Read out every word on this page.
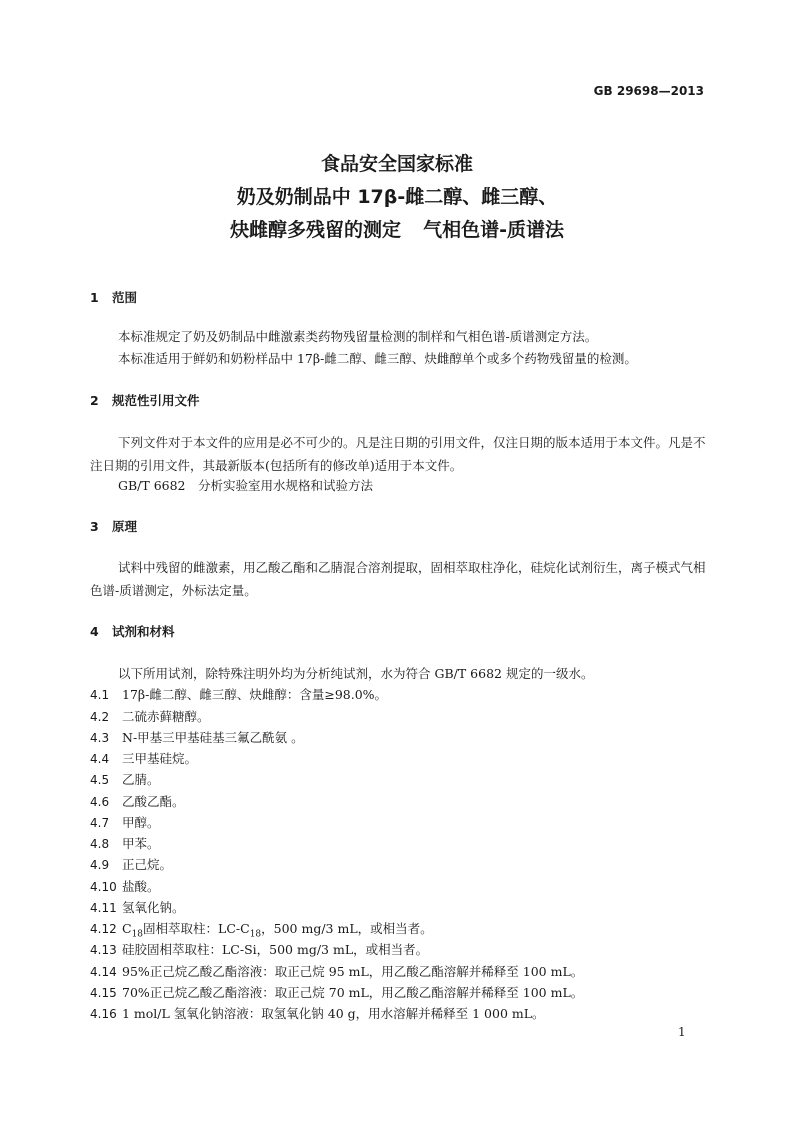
GB 29698—2013

食品安全国家标准

奶及奶制品中 17β-雌二醇、雌三醇、

炔雌醇多残留的测定 气相色谱-质谱法

1 范围

本标准规定了奶及奶制品中雌激素类药物残留量检测的制样和气相色谱-质谱测定方法。

本标准适用于鲜奶和奶粉样品中 17β-雌二醇、雌三醇、炔雌醇单个或多个药物残留量的检测。

2 规范性引用文件

下列文件对于本文件的应用是必不可少的。凡是注日期的引用文件，仅注日期的版本适用于本文件。凡是不注日期的引用文件，其最新版本(包括所有的修改单)适用于本文件。

GB/T 6682　分析实验室用水规格和试验方法

3 原理

试料中残留的雌激素，用乙酸乙酯和乙腈混合溶剂提取，固相萃取柱净化，硅烷化试剂衍生，离子模式气相色谱-质谱测定，外标法定量。

4 试剂和材料

以下所用试剂，除特殊注明外均为分析纯试剂，水为符合 GB/T 6682 规定的一级水。

4.1 17β-雌二醇、雌三醇、炔雌醇：含量≥98.0%。

4.2 二硫赤藓糖醇。

4.3 N-甲基三甲基硅基三氟乙酰氨 。

4.4 三甲基硅烷。

4.5 乙腈。

4.6 乙酸乙酯。

4.7 甲醇。

4.8 甲苯。

4.9 正己烷。

4.10 盐酸。

4.11 氢氧化钠。

4.12 $C_{18}$固相萃取柱：$LC-C_{18}$，500 mg/3 mL，或相当者。

4.13 硅胶固相萃取柱：LC-Si，500 mg/3 mL，或相当者。

4.14 95%正己烷乙酸乙酯溶液：取正己烷 95 mL，用乙酸乙酯溶解并稀释至 100 mL。

4.15 70%正己烷乙酸乙酯溶液：取正己烷 70 mL，用乙酸乙酯溶解并稀释至 100 mL。

4.16 1 mol/L 氢氧化钠溶液：取氢氧化钠 40 g，用水溶解并稀释至 1 000 mL。

1
